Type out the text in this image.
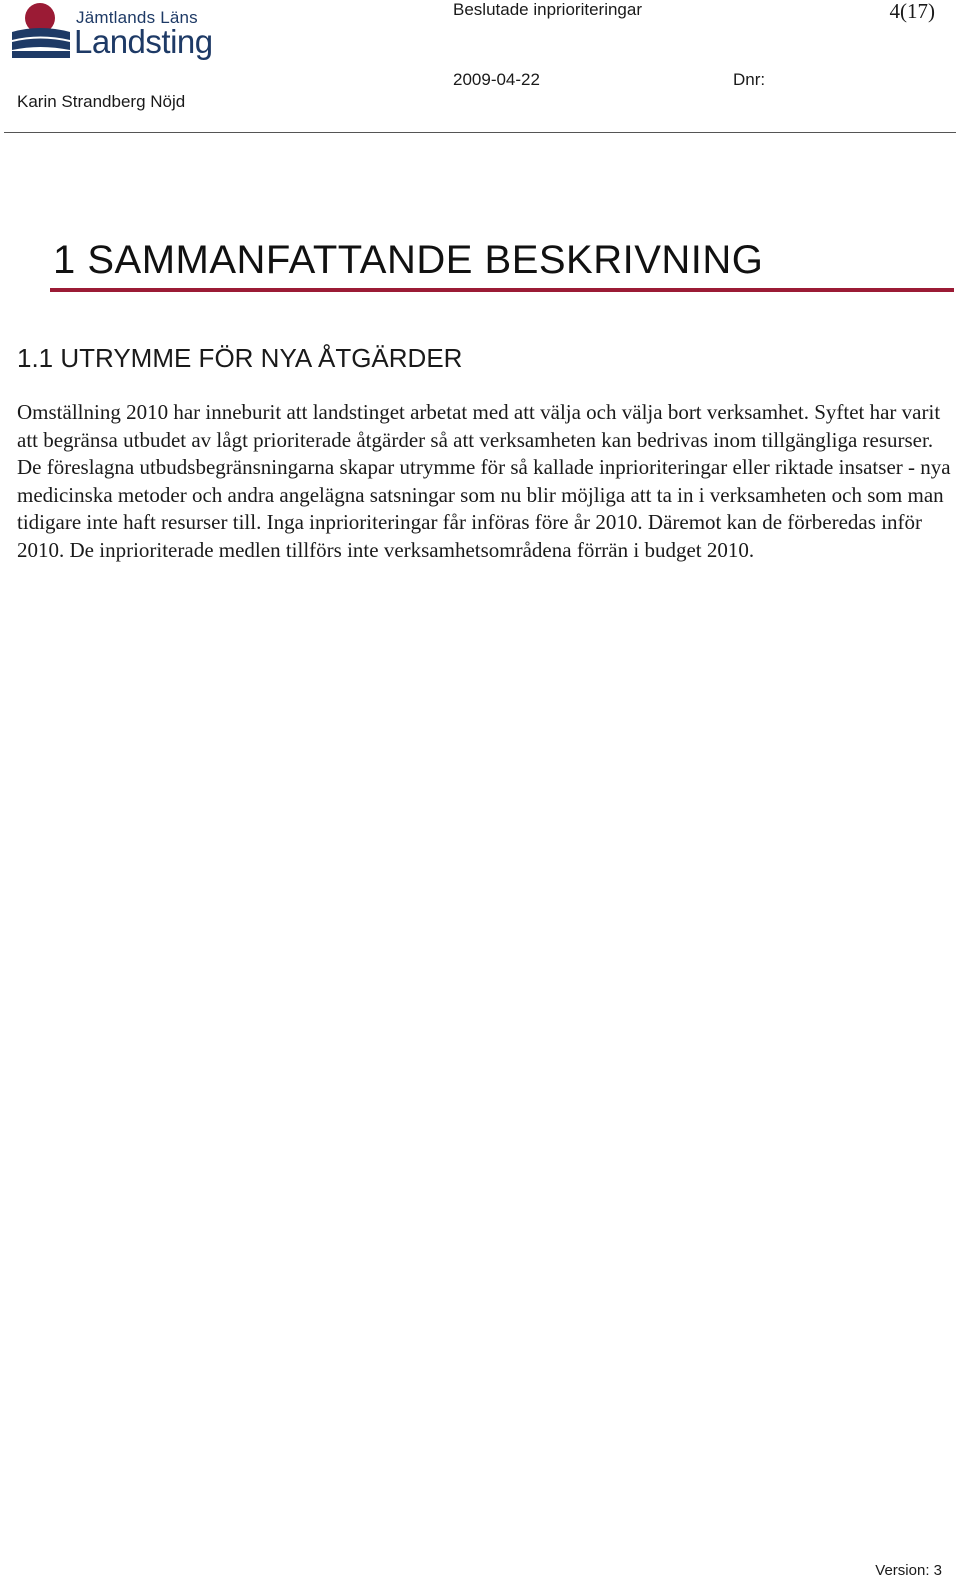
Jämtlands Läns
Landsting
Beslutade inprioriteringar	4(17)
2009-04-22	Dnr:
Karin Strandberg Nöjd
1 SAMMANFATTANDE BESKRIVNING
1.1 UTRYMME FÖR NYA ÅTGÄRDER

Omställning 2010 har inneburit att landstinget arbetat med att välja och välja bort verksamhet. Syftet har varit att begränsa utbudet av lågt prioriterade åtgärder så att verksamheten kan bedrivas inom tillgängliga resurser. De föreslagna utbudsbegränsningarna skapar utrymme för så kallade inprioriteringar eller riktade insatser - nya medicinska metoder och andra angelägna satsningar som nu blir möjliga att ta in i verksamheten och som man tidigare inte haft resurser till. Inga inprioriteringar får införas före år 2010. Däremot kan de förberedas inför 2010. De inprioriterade medlen tillförs inte verksamhetsområdena förrän i budget 2010.

Version: 3
